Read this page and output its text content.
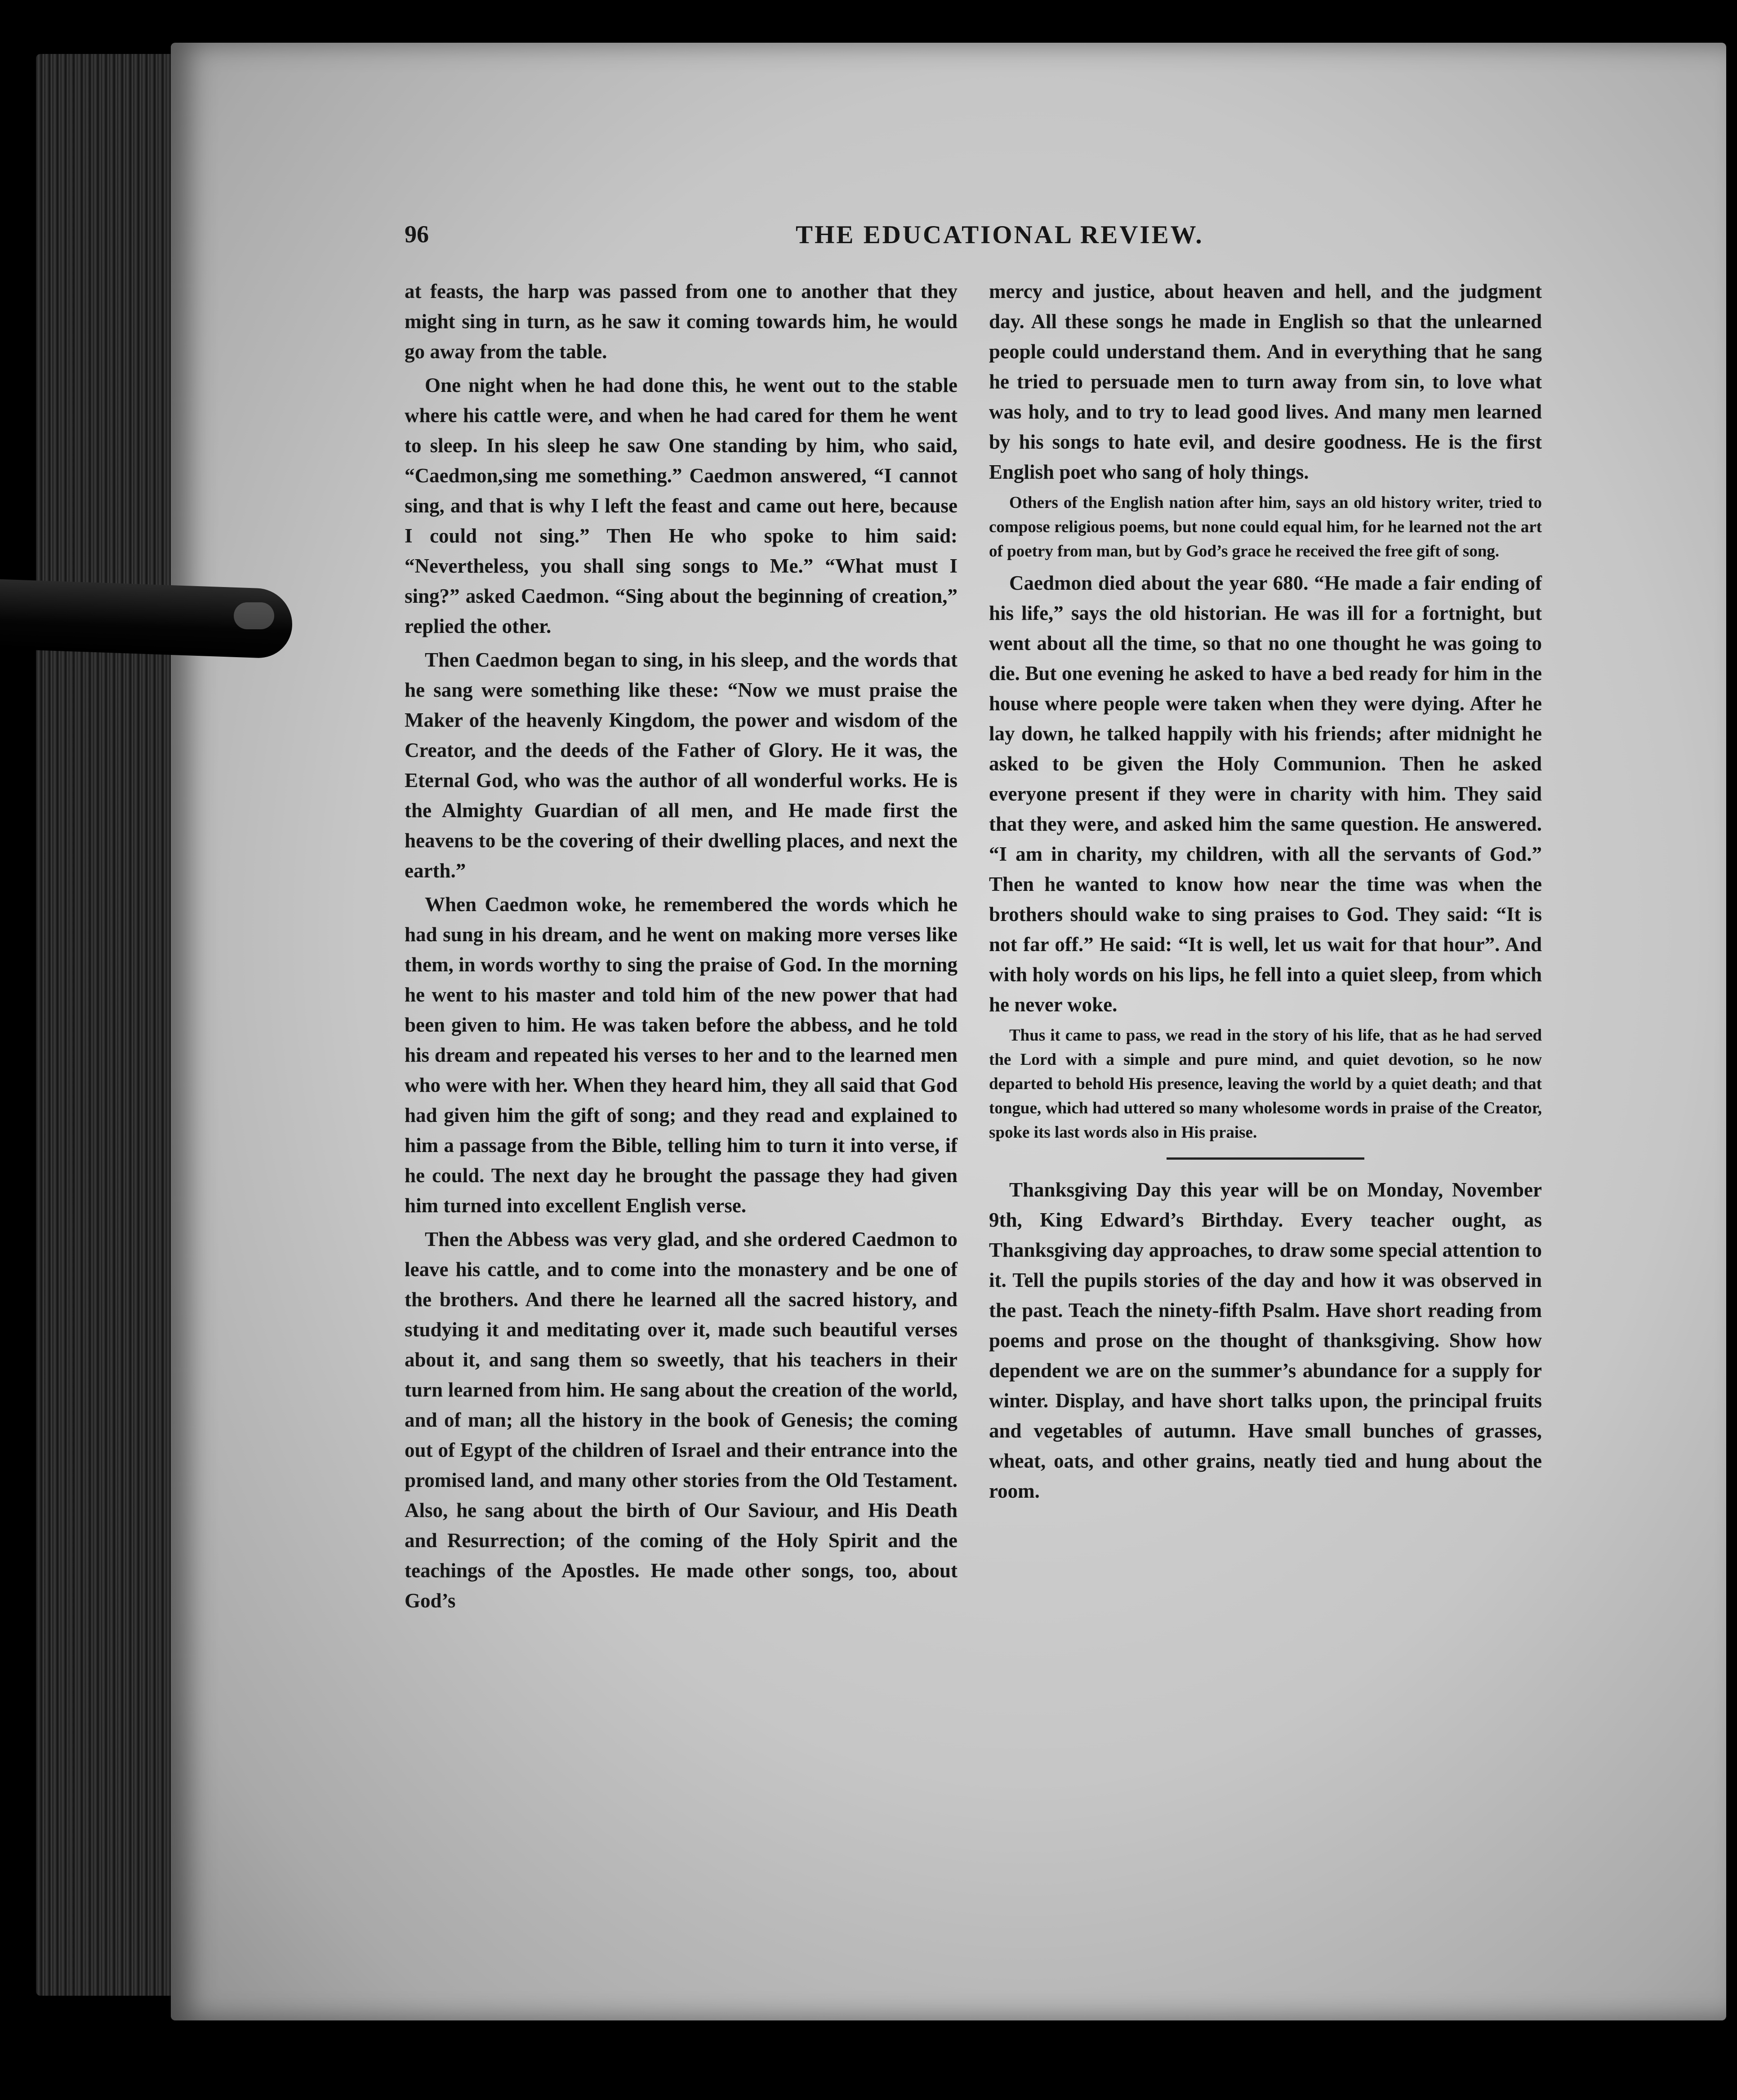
96	THE EDUCATIONAL REVIEW.

at feasts, the harp was passed from one to another that they might sing in turn, as he saw it coming towards him, he would go away from the table.

One night when he had done this, he went out to the stable where his cattle were, and when he had cared for them he went to sleep. In his sleep he saw One standing by him, who said, “Caedmon,sing me something.” Caedmon answered, “I cannot sing, and that is why I left the feast and came out here, because I could not sing.” Then He who spoke to him said: “Nevertheless, you shall sing songs to Me.” “What must I sing?” asked Caedmon. “Sing about the beginning of creation,” replied the other.

Then Caedmon began to sing, in his sleep, and the words that he sang were something like these: “Now we must praise the Maker of the heavenly Kingdom, the power and wisdom of the Creator, and the deeds of the Father of Glory. He it was, the Eternal God, who was the author of all wonderful works. He is the Almighty Guardian of all men, and He made first the heavens to be the covering of their dwelling places, and next the earth.”

When Caedmon woke, he remembered the words which he had sung in his dream, and he went on making more verses like them, in words worthy to sing the praise of God. In the morning he went to his master and told him of the new power that had been given to him. He was taken before the abbess, and he told his dream and repeated his verses to her and to the learned men who were with her. When they heard him, they all said that God had given him the gift of song; and they read and explained to him a passage from the Bible, telling him to turn it into verse, if he could. The next day he brought the passage they had given him turned into excellent English verse.

Then the Abbess was very glad, and she ordered Caedmon to leave his cattle, and to come into the monastery and be one of the brothers. And there he learned all the sacred history, and studying it and meditating over it, made such beautiful verses about it, and sang them so sweetly, that his teachers in their turn learned from him. He sang about the creation of the world, and of man; all the history in the book of Genesis; the coming out of Egypt of the children of Israel and their entrance into the promised land, and many other stories from the Old Testament. Also, he sang about the birth of Our Saviour, and His Death and Resurrection; of the coming of the Holy Spirit and the teachings of the Apostles. He made other songs, too, about God’s

mercy and justice, about heaven and hell, and the judgment day. All these songs he made in English so that the unlearned people could understand them. And in everything that he sang he tried to persuade men to turn away from sin, to love what was holy, and to try to lead good lives. And many men learned by his songs to hate evil, and desire goodness. He is the first English poet who sang of holy things.

Others of the English nation after him, says an old history writer, tried to compose religious poems, but none could equal him, for he learned not the art of poetry from man, but by God’s grace he received the free gift of song.

Caedmon died about the year 680. “He made a fair ending of his life,” says the old historian. He was ill for a fortnight, but went about all the time, so that no one thought he was going to die. But one evening he asked to have a bed ready for him in the house where people were taken when they were dying. After he lay down, he talked happily with his friends; after midnight he asked to be given the Holy Communion. Then he asked everyone present if they were in charity with him. They said that they were, and asked him the same question. He answered. “I am in charity, my children, with all the servants of God.” Then he wanted to know how near the time was when the brothers should wake to sing praises to God. They said: “It is not far off.” He said: “It is well, let us wait for that hour”. And with holy words on his lips, he fell into a quiet sleep, from which he never woke.

Thus it came to pass, we read in the story of his life, that as he had served the Lord with a simple and pure mind, and quiet devotion, so he now departed to behold His presence, leaving the world by a quiet death; and that tongue, which had uttered so many wholesome words in praise of the Creator, spoke its last words also in His praise.

Thanksgiving Day this year will be on Monday, November 9th, King Edward’s Birthday. Every teacher ought, as Thanksgiving day approaches, to draw some special attention to it. Tell the pupils stories of the day and how it was observed in the past. Teach the ninety-fifth Psalm. Have short reading from poems and prose on the thought of thanksgiving. Show how dependent we are on the summer’s abundance for a supply for winter. Display, and have short talks upon, the principal fruits and vegetables of autumn. Have small bunches of grasses, wheat, oats, and other grains, neatly tied and hung about the room.
